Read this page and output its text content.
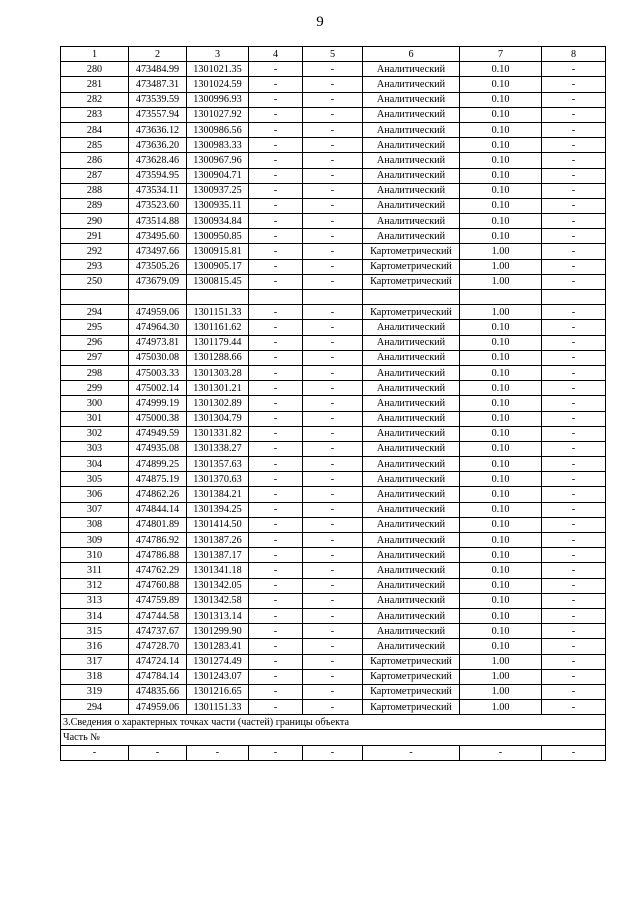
9
1	2	3	4	5	6	7	8
280	473484.99	1301021.35	-	-	Аналитический	0.10	-
281	473487.31	1301024.59	-	-	Аналитический	0.10	-
282	473539.59	1300996.93	-	-	Аналитический	0.10	-
283	473557.94	1301027.92	-	-	Аналитический	0.10	-
284	473636.12	1300986.56	-	-	Аналитический	0.10	-
285	473636.20	1300983.33	-	-	Аналитический	0.10	-
286	473628.46	1300967.96	-	-	Аналитический	0.10	-
287	473594.95	1300904.71	-	-	Аналитический	0.10	-
288	473534.11	1300937.25	-	-	Аналитический	0.10	-
289	473523.60	1300935.11	-	-	Аналитический	0.10	-
290	473514.88	1300934.84	-	-	Аналитический	0.10	-
291	473495.60	1300950.85	-	-	Аналитический	0.10	-
292	473497.66	1300915.81	-	-	Картометрический	1.00	-
293	473505.26	1300905.17	-	-	Картометрический	1.00	-
250	473679.09	1300815.45	-	-	Картометрический	1.00	-

294	474959.06	1301151.33	-	-	Картометрический	1.00	-
295	474964.30	1301161.62	-	-	Аналитический	0.10	-
296	474973.81	1301179.44	-	-	Аналитический	0.10	-
297	475030.08	1301288.66	-	-	Аналитический	0.10	-
298	475003.33	1301303.28	-	-	Аналитический	0.10	-
299	475002.14	1301301.21	-	-	Аналитический	0.10	-
300	474999.19	1301302.89	-	-	Аналитический	0.10	-
301	475000.38	1301304.79	-	-	Аналитический	0.10	-
302	474949.59	1301331.82	-	-	Аналитический	0.10	-
303	474935.08	1301338.27	-	-	Аналитический	0.10	-
304	474899.25	1301357.63	-	-	Аналитический	0.10	-
305	474875.19	1301370.63	-	-	Аналитический	0.10	-
306	474862.26	1301384.21	-	-	Аналитический	0.10	-
307	474844.14	1301394.25	-	-	Аналитический	0.10	-
308	474801.89	1301414.50	-	-	Аналитический	0.10	-
309	474786.92	1301387.26	-	-	Аналитический	0.10	-
310	474786.88	1301387.17	-	-	Аналитический	0.10	-
311	474762.29	1301341.18	-	-	Аналитический	0.10	-
312	474760.88	1301342.05	-	-	Аналитический	0.10	-
313	474759.89	1301342.58	-	-	Аналитический	0.10	-
314	474744.58	1301313.14	-	-	Аналитический	0.10	-
315	474737.67	1301299.90	-	-	Аналитический	0.10	-
316	474728.70	1301283.41	-	-	Аналитический	0.10	-
317	474724.14	1301274.49	-	-	Картометрический	1.00	-
318	474784.14	1301243.07	-	-	Картометрический	1.00	-
319	474835.66	1301216.65	-	-	Картометрический	1.00	-
294	474959.06	1301151.33	-	-	Картометрический	1.00	-
3.Сведения о характерных точках части (частей) границы объекта							
Часть №							
-	-	-	-	-	-	-	-
